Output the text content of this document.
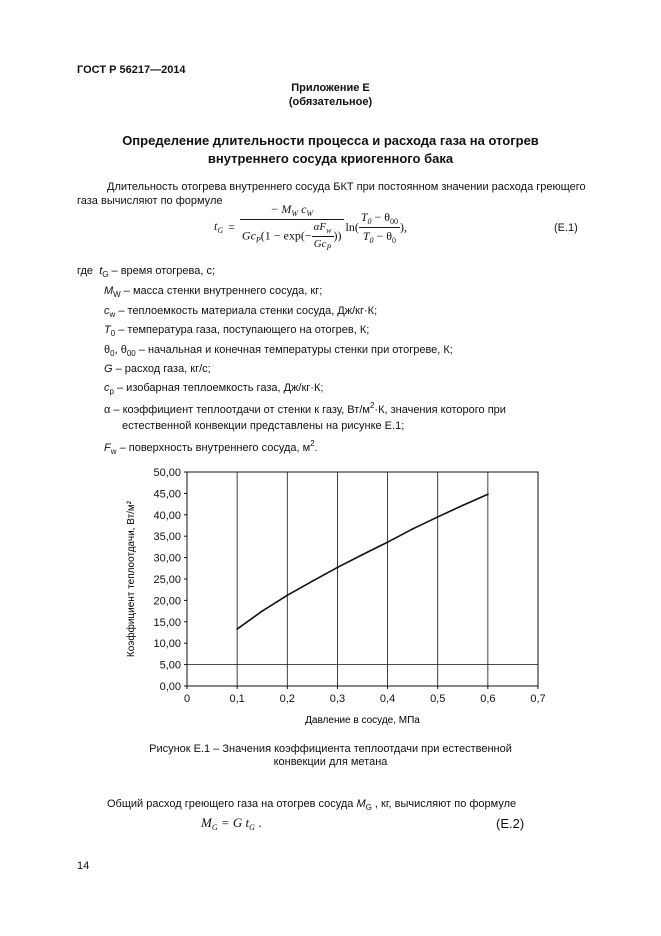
ГОСТ Р 56217—2014
Приложение Е
(обязательное)
Определение длительности процесса и расхода газа на отогрев
внутреннего сосуда криогенного бака
Длительность отогрева внутреннего сосуда БКТ при постоянном значении расхода греющего
газа вычисляют по формуле
$t_G = \frac{- M_W c_W}{Gc_P(1 - \exp(- \frac{\alpha F_w}{Gc_P} ))} \ln( \frac{T_0 - \theta_{00}}{T_0 - \theta_0}$ ),	(Е.1)
где $t_G$ – время отогрева, с;
$M_W$ – масса стенки внутреннего сосуда, кг;
$c_w$ – теплоемкость материала стенки сосуда, Дж/кг·К;
$T_0$ – температура газа, поступающего на отогрев, К;
$\theta_0$, $\theta_{00}$ – начальная и конечная температуры стенки при отогреве, К;
G – расход газа, кг/с;
$c_p$ – изобарная теплоемкость газа, Дж/кг·К;
α – коэффициент теплоотдачи от стенки к газу, $Вт/м^2\cdot К$, значения которого при
естественной конвекции представлены на рисунке Е.1;
$F_w$ – поверхность внутреннего сосуда, $м^2$.
0,00
5,00
10,00
15,00
20,00
25,00
30,00
35,00
40,00
45,00
50,00
0	0,1	0,2	0,3	0,4	0,5	0,6	0,7
Давление в сосуде, МПа
Коэффициент теплоотдачи, Вт/м²
Рисунок Е.1 – Значения коэффициента теплоотдачи при естественной
конвекции для метана
Общий расход греющего газа на отогрев сосуда $M_G$ , кг, вычисляют по формуле
$M_G = G$ $t_G$ .	(Е.2)
14
